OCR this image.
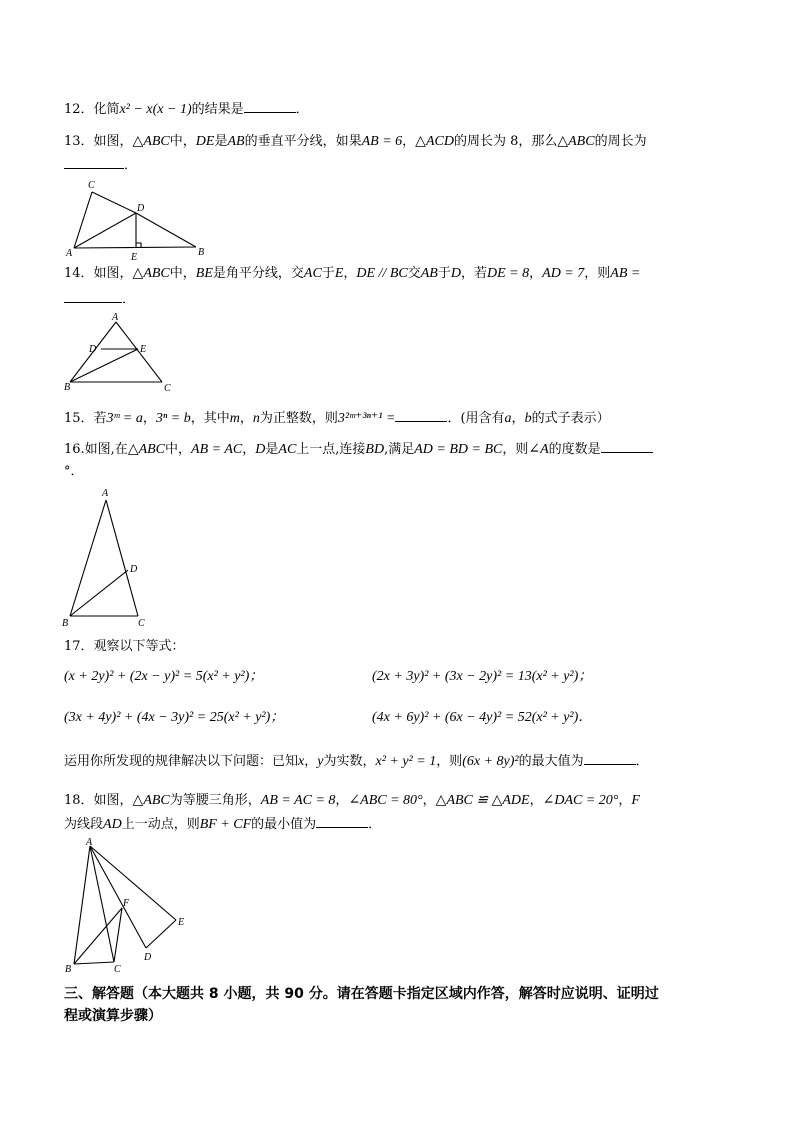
12．化简x² − x(x − 1)的结果是	．
13．如图，△ABC中，DE是AB的垂直平分线，如果AB = 6，△ACD的周长为 8，那么△ABC的周长为
．
C
D
A	E	B
14．如图，△ABC中，BE是角平分线，交AC于E，DE // BC交AB于D，若DE = 8，AD = 7，则AB =
．
A
D	E
B	C
15．若3ᵐ = a，3ⁿ = b，其中m，n为正整数，则3²ᵐ⁺³ⁿ⁺¹ =	．(用含有a，b的式子表示）
16.如图,在△ABC中，AB = AC，D是AC上一点,连接BD,满足AD = BD = BC，则∠A的度数是
°．
A
D
B	C
17．观察以下等式：
(x + 2y)² + (2x − y)² = 5(x² + y²)；	(2x + 3y)² + (3x − 2y)² = 13(x² + y²)；
(3x + 4y)² + (4x − 3y)² = 25(x² + y²)；	(4x + 6y)² + (6x − 4y)² = 52(x² + y²)．
运用你所发现的规律解决以下问题：已知x，y为实数，x² + y² = 1，则(6x + 8y)²的最大值为	．
18．如图，△ABC为等腰三角形，AB = AC = 8，∠ABC = 80°，△ABC ≌ △ADE，∠DAC = 20°，F
为线段AD上一动点，则BF + CF的最小值为	．
A
F
E
D
B	C
三、解答题（本大题共 8 小题，共 90 分。请在答题卡指定区域内作答，解答时应说明、证明过
程或演算步骤）
